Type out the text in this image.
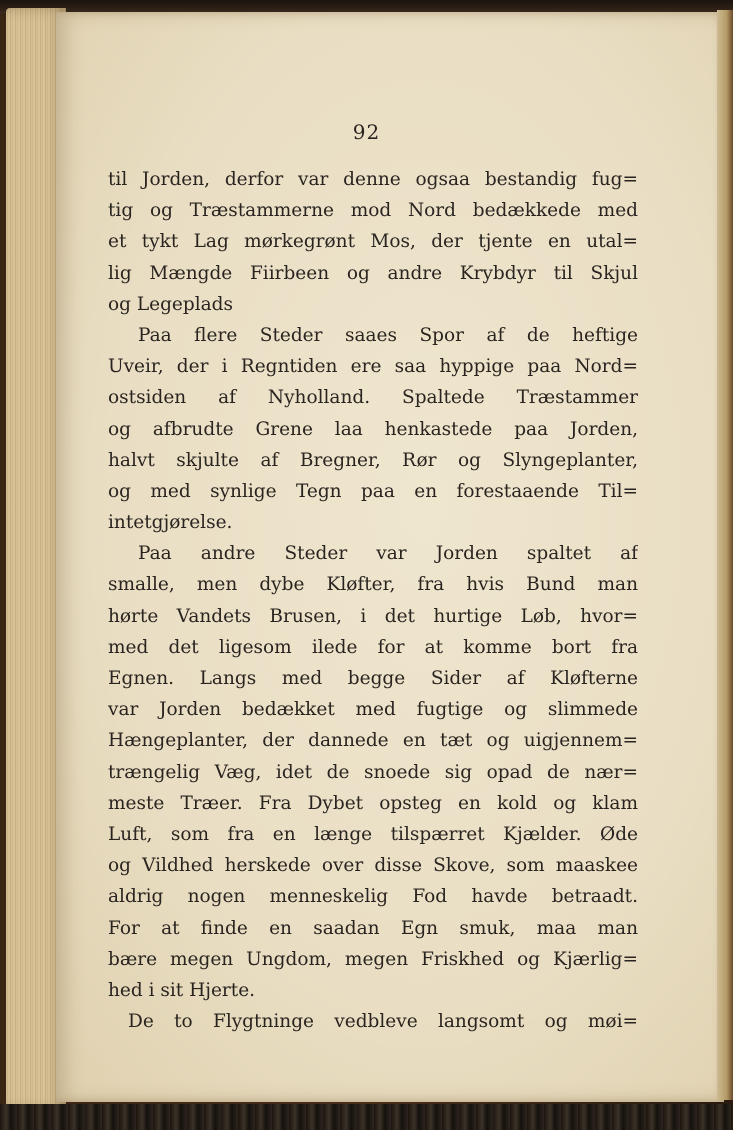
92
til Jorden, derfor var denne ogsaa bestandig fug=
tig og Træstammerne mod Nord bedækkede med
et tykt Lag mørkegrønt Mos, der tjente en utal=
lig Mængde Fiirbeen og andre Krybdyr til Skjul
og Legeplads
Paa flere Steder saaes Spor af de heftige
Uveir, der i Regntiden ere saa hyppige paa Nord=
ostsiden af Nyholland. Spaltede Træstammer
og afbrudte Grene laa henkastede paa Jorden,
halvt skjulte af Bregner, Rør og Slyngeplanter,
og med synlige Tegn paa en forestaaende Til=
intetgjørelse.
Paa andre Steder var Jorden spaltet af
smalle, men dybe Kløfter, fra hvis Bund man
hørte Vandets Brusen, i det hurtige Løb, hvor=
med det ligesom ilede for at komme bort fra
Egnen. Langs med begge Sider af Kløfterne
var Jorden bedækket med fugtige og slimmede
Hængeplanter, der dannede en tæt og uigjennem=
trængelig Væg, idet de snoede sig opad de nær=
meste Træer. Fra Dybet opsteg en kold og klam
Luft, som fra en længe tilspærret Kjælder. Øde
og Vildhed herskede over disse Skove, som maaskee
aldrig nogen menneskelig Fod havde betraadt.
For at finde en saadan Egn smuk, maa man
bære megen Ungdom, megen Friskhed og Kjærlig=
hed i sit Hjerte.
De to Flygtninge vedbleve langsomt og møi=
